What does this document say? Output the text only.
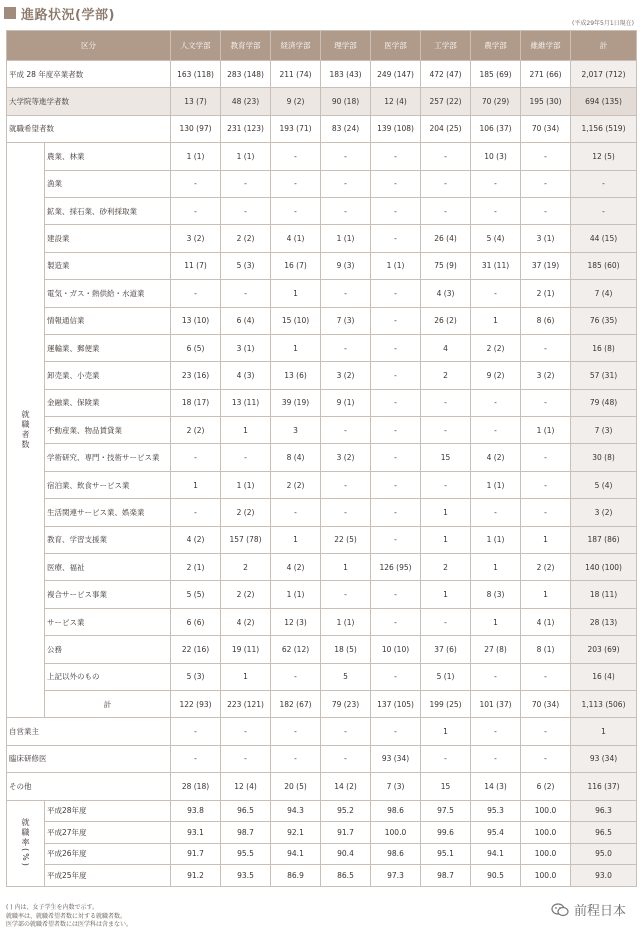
進路状況(学部)
(平成29年5月1日現在)
区分		人文学部	教育学部	経済学部	理学部	医学部	工学部	農学部	維維学部	計
平成 28 年度卒業者数		163 (118)	283 (148)	211 (74)	183 (43)	249 (147)	472 (47)	185 (69)	271 (66)	2,017 (712)
大学院等進学者数		13 (7)	48 (23)	9 (2)	90 (18)	12 (4)	257 (22)	70 (29)	195 (30)	694 (135)
就職希望者数		130 (97)	231 (123)	193 (71)	83 (24)	139 (108)	204 (25)	106 (37)	70 (34)	1,156 (519)
就職者数	農業、林業	1 (1)	1 (1)	-	-	-	-	10 (3)	-	12 (5)
	漁業	-	-	-	-	-	-	-	-	-
	鉱業、採石業、砂利採取業	-	-	-	-	-	-	-	-	-
	建設業	3 (2)	2 (2)	4 (1)	1 (1)	-	26 (4)	5 (4)	3 (1)	44 (15)
	製造業	11 (7)	5 (3)	16 (7)	9 (3)	1 (1)	75 (9)	31 (11)	37 (19)	185 (60)
	電気・ガス・熱供給・水道業	-	-	1	-	-	4 (3)	-	2 (1)	7 (4)
	情報通信業	13 (10)	6 (4)	15 (10)	7 (3)	-	26 (2)	1	8 (6)	76 (35)
	運輸業、郵便業	6 (5)	3 (1)	1	-	-	4	2 (2)	-	16 (8)
	卸売業、小売業	23 (16)	4 (3)	13 (6)	3 (2)	-	2	9 (2)	3 (2)	57 (31)
	金融業、保険業	18 (17)	13 (11)	39 (19)	9 (1)	-	-	-	-	79 (48)
	不動産業、物品賃貸業	2 (2)	1	3	-	-	-	-	1 (1)	7 (3)
	学術研究、専門・技術サービス業	-	-	8 (4)	3 (2)	-	15	4 (2)	-	30 (8)
	宿泊業、飲食サービス業	1	1 (1)	2 (2)	-	-	-	1 (1)	-	5 (4)
	生活関連サービス業、娯楽業	-	2 (2)	-	-	-	1	-	-	3 (2)
	教育、学習支援業	4 (2)	157 (78)	1	22 (5)	-	1	1 (1)	1	187 (86)
	医療、福祉	2 (1)	2	4 (2)	1	126 (95)	2	1	2 (2)	140 (100)
	複合サービス事業	5 (5)	2 (2)	1 (1)	-	-	1	8 (3)	1	18 (11)
	サービス業	6 (6)	4 (2)	12 (3)	1 (1)	-	-	1	4 (1)	28 (13)
	公務	22 (16)	19 (11)	62 (12)	18 (5)	10 (10)	37 (6)	27 (8)	8 (1)	203 (69)
	上記以外のもの	5 (3)	1	-	5	-	5 (1)	-	-	16 (4)
	計	122 (93)	223 (121)	182 (67)	79 (23)	137 (105)	199 (25)	101 (37)	70 (34)	1,113 (506)
自営業主		-	-	-	-	-	1	-	-	1
臨床研修医		-	-	-	-	93 (34)	-	-	-	93 (34)
その他		28 (18)	12 (4)	20 (5)	14 (2)	7 (3)	15	14 (3)	6 (2)	116 (37)
就職率(%)	平成28年度	93.8	96.5	94.3	95.2	98.6	97.5	95.3	100.0	96.3
	平成27年度	93.1	98.7	92.1	91.7	100.0	99.6	95.4	100.0	96.5
	平成26年度	91.7	95.5	94.1	90.4	98.6	95.1	94.1	100.0	95.0
	平成25年度	91.2	93.5	86.9	86.5	97.3	98.7	90.5	100.0	93.0
( ) 内は、女子学生を内数で示す。
就職率は、就職希望者数に対する就職者数。
医学部の就職希望者数には医学科は含まない。
前程日本
